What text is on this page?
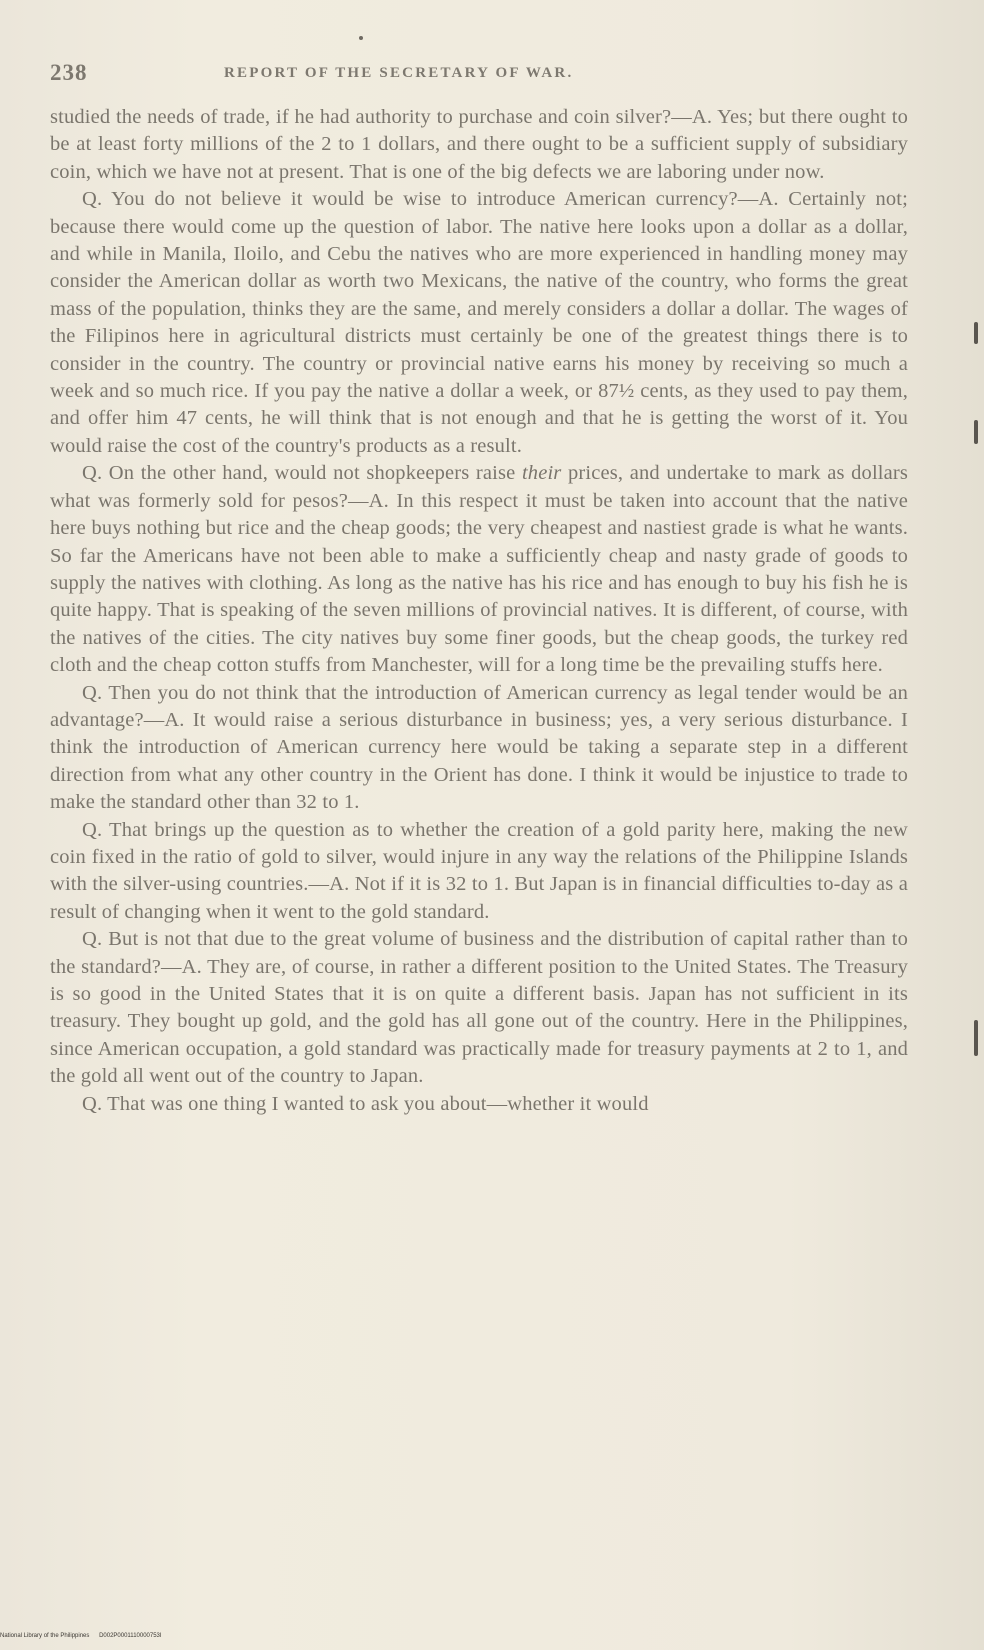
238	REPORT OF THE SECRETARY OF WAR.

studied the needs of trade, if he had authority to purchase and coin silver?—A. Yes; but there ought to be at least forty millions of the 2 to 1 dollars, and there ought to be a sufficient supply of subsidiary coin, which we have not at present. That is one of the big defects we are laboring under now.

Q. You do not believe it would be wise to introduce American currency?—A. Certainly not; because there would come up the question of labor. The native here looks upon a dollar as a dollar, and while in Manila, Iloilo, and Cebu the natives who are more experienced in handling money may consider the American dollar as worth two Mexicans, the native of the country, who forms the great mass of the population, thinks they are the same, and merely considers a dollar a dollar. The wages of the Filipinos here in agricultural districts must certainly be one of the greatest things there is to consider in the country. The country or provincial native earns his money by receiving so much a week and so much rice. If you pay the native a dollar a week, or 87½ cents, as they used to pay them, and offer him 47 cents, he will think that is not enough and that he is getting the worst of it. You would raise the cost of the country's products as a result.

Q. On the other hand, would not shopkeepers raise their prices, and undertake to mark as dollars what was formerly sold for pesos?—A. In this respect it must be taken into account that the native here buys nothing but rice and the cheap goods; the very cheapest and nastiest grade is what he wants. So far the Americans have not been able to make a sufficiently cheap and nasty grade of goods to supply the natives with clothing. As long as the native has his rice and has enough to buy his fish he is quite happy. That is speaking of the seven millions of provincial natives. It is different, of course, with the natives of the cities. The city natives buy some finer goods, but the cheap goods, the turkey red cloth and the cheap cotton stuffs from Manchester, will for a long time be the prevailing stuffs here.

Q. Then you do not think that the introduction of American currency as legal tender would be an advantage?—A. It would raise a serious disturbance in business; yes, a very serious disturbance. I think the introduction of American currency here would be taking a separate step in a different direction from what any other country in the Orient has done. I think it would be injustice to trade to make the standard other than 32 to 1.

Q. That brings up the question as to whether the creation of a gold parity here, making the new coin fixed in the ratio of gold to silver, would injure in any way the relations of the Philippine Islands with the silver-using countries.—A. Not if it is 32 to 1. But Japan is in financial difficulties to-day as a result of changing when it went to the gold standard.

Q. But is not that due to the great volume of business and the distribution of capital rather than to the standard?—A. They are, of course, in rather a different position to the United States. The Treasury is so good in the United States that it is on quite a different basis. Japan has not sufficient in its treasury. They bought up gold, and the gold has all gone out of the country. Here in the Philippines, since American occupation, a gold standard was practically made for treasury payments at 2 to 1, and the gold all went out of the country to Japan.

Q. That was one thing I wanted to ask you about—whether it would

National Library of the Philippines D002P0001110000753I
